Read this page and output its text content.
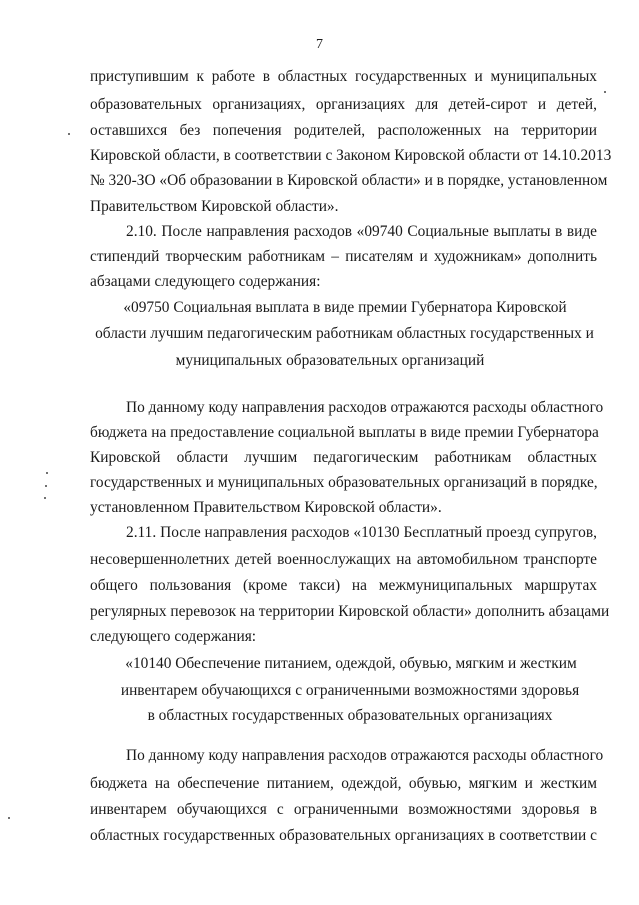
7
приступившим к работе в областных государственных и муниципальных
образовательных организациях, организациях для детей-сирот и детей,
оставшихся без попечения родителей, расположенных на территории
Кировской области, в соответствии с Законом Кировской области от 14.10.2013
№ 320-ЗО «Об образовании в Кировской области» и в порядке, установленном
Правительством Кировской области».
2.10. После направления расходов «09740 Социальные выплаты в виде
стипендий творческим работникам – писателям и художникам» дополнить
абзацами следующего содержания:
«09750 Социальная выплата в виде премии Губернатора Кировской
области лучшим педагогическим работникам областных государственных и
муниципальных образовательных организаций
По данному коду направления расходов отражаются расходы областного
бюджета на предоставление социальной выплаты в виде премии Губернатора
Кировской области лучшим педагогическим работникам областных
государственных и муниципальных образовательных организаций в порядке,
установленном Правительством Кировской области».
2.11. После направления расходов «10130 Бесплатный проезд супругов,
несовершеннолетних детей военнослужащих на автомобильном транспорте
общего пользования (кроме такси) на межмуниципальных маршрутах
регулярных перевозок на территории Кировской области» дополнить абзацами
следующего содержания:
«10140 Обеспечение питанием, одеждой, обувью, мягким и жестким
инвентарем обучающихся с ограниченными возможностями здоровья
в областных государственных образовательных организациях
По данному коду направления расходов отражаются расходы областного
бюджета на обеспечение питанием, одеждой, обувью, мягким и жестким
инвентарем обучающихся с ограниченными возможностями здоровья в
областных государственных образовательных организациях в соответствии с
